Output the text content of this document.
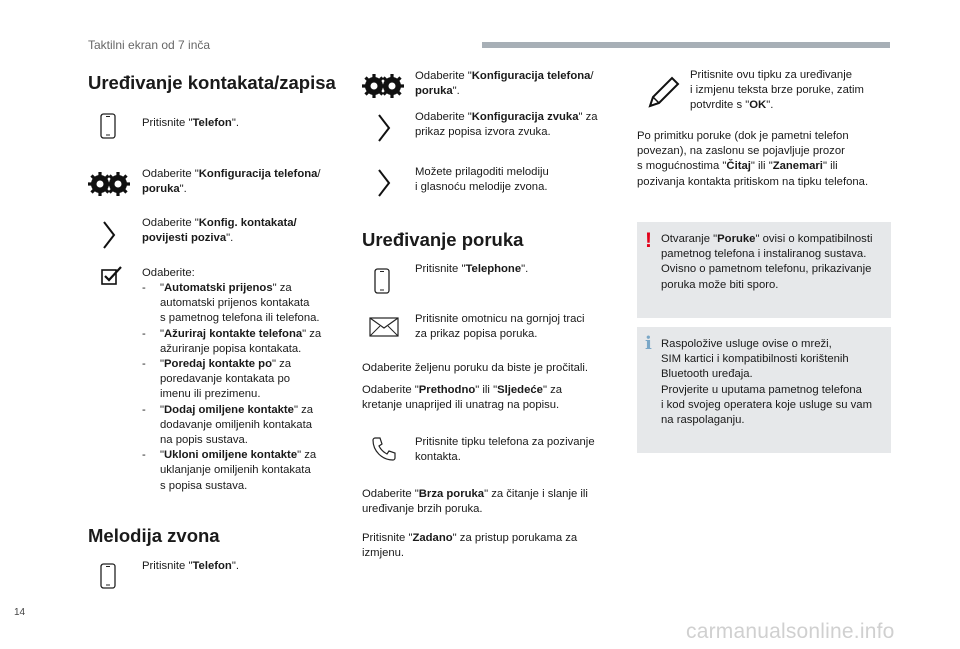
Taktilni ekran od 7 inča
Uređivanje kontakata/zapisa
Pritisnite "Telefon".
Odaberite "Konfiguracija telefona/
poruka".
Odaberite "Konfig. kontakata/
povijesti poziva".
Odaberite:
- "Automatski prijenos" za
automatski prijenos kontakata
s pametnog telefona ili telefona.
- "Ažuriraj kontakte telefona" za
ažuriranje popisa kontakata.
- "Poredaj kontakte po" za
poredavanje kontakata po
imenu ili prezimenu.
- "Dodaj omiljene kontakte" za
dodavanje omiljenih kontakata
na popis sustava.
- "Ukloni omiljene kontakte" za
uklanjanje omiljenih kontakata
s popisa sustava.
Melodija zvona
Pritisnite "Telefon".
Odaberite "Konfiguracija telefona/
poruka".
Odaberite "Konfiguracija zvuka" za
prikaz popisa izvora zvuka.
Možete prilagoditi melodiju
i glasnoću melodije zvona.
Uređivanje poruka
Pritisnite "Telephone".
Pritisnite omotnicu na gornjoj traci
za prikaz popisa poruka.
Odaberite željenu poruku da biste je pročitali.
Odaberite "Prethodno" ili "Sljedeće" za
kretanje unaprijed ili unatrag na popisu.
Pritisnite tipku telefona za pozivanje
kontakta.
Odaberite "Brza poruka" za čitanje i slanje ili
uređivanje brzih poruka.
Pritisnite "Zadano" za pristup porukama za
izmjenu.
Pritisnite ovu tipku za uređivanje
i izmjenu teksta brze poruke, zatim
potvrdite s "OK".
Po primitku poruke (dok je pametni telefon
povezan), na zaslonu se pojavljuje prozor
s mogućnostima "Čitaj" ili "Zanemari" ili
pozivanja kontakta pritiskom na tipku telefona.
! Otvaranje "Poruke" ovisi o kompatibilnosti
pametnog telefona i instaliranog sustava.
Ovisno o pametnom telefonu, prikazivanje
poruka može biti sporo.
i Raspoložive usluge ovise o mreži,
SIM kartici i kompatibilnosti korištenih
Bluetooth uređaja.
Provjerite u uputama pametnog telefona
i kod svojeg operatera koje usluge su vam
na raspolaganju.
14
carmanualsonline.info
